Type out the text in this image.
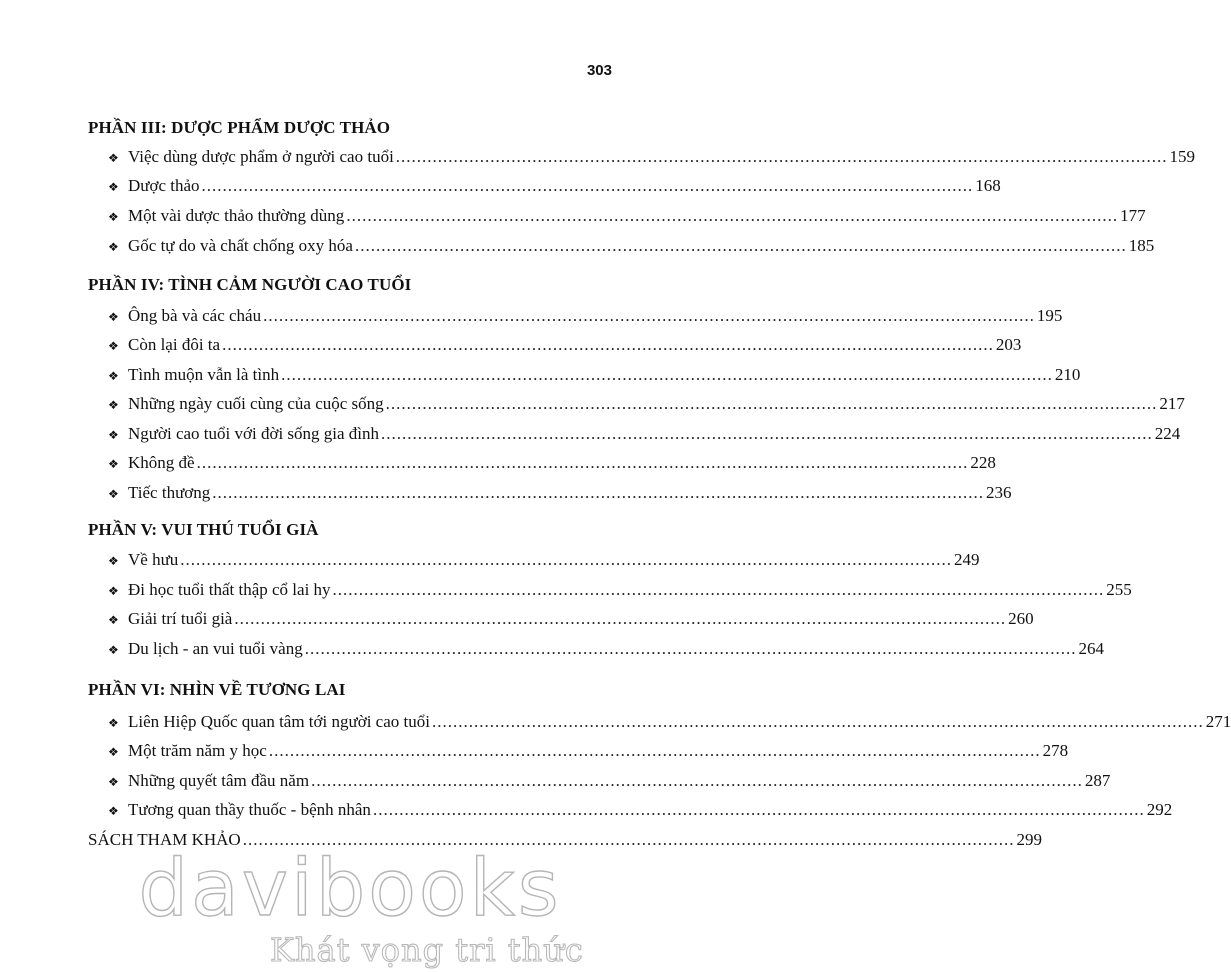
303
PHẦN III: DƯỢC PHẨM DƯỢC THẢO
❖ Việc dùng dược phẩm ở người cao tuổi ................................................................................................................................................... 159
❖ Dược thảo ................................................................................................................................................... 168
❖ Một vài dược thảo thường dùng ................................................................................................................................................... 177
❖ Gốc tự do và chất chống oxy hóa ................................................................................................................................................... 185
PHẦN IV: TÌNH CẢM NGƯỜI CAO TUỔI
❖ Ông bà và các cháu ................................................................................................................................................... 195
❖ Còn lại đôi ta ................................................................................................................................................... 203
❖ Tình muộn vẫn là tình ................................................................................................................................................... 210
❖ Những ngày cuối cùng của cuộc sống ................................................................................................................................................... 217
❖ Người cao tuổi với đời sống gia đình ................................................................................................................................................... 224
❖ Không đề ................................................................................................................................................... 228
❖ Tiếc thương ................................................................................................................................................... 236
PHẦN V: VUI THÚ TUỔI GIÀ
❖ Về hưu ................................................................................................................................................... 249
❖ Đi học tuổi thất thập cổ lai hy ................................................................................................................................................... 255
❖ Giải trí tuổi già ................................................................................................................................................... 260
❖ Du lịch - an vui tuổi vàng ................................................................................................................................................... 264
PHẦN VI: NHÌN VỀ TƯƠNG LAI
❖ Liên Hiệp Quốc quan tâm tới người cao tuổi ................................................................................................................................................... 271
❖ Một trăm năm y học ................................................................................................................................................... 278
❖ Những quyết tâm đầu năm ................................................................................................................................................... 287
❖ Tương quan thầy thuốc - bệnh nhân ................................................................................................................................................... 292
SÁCH THAM KHẢO ................................................................................................................................................... 299
davibooks
Khát vọng tri thức
